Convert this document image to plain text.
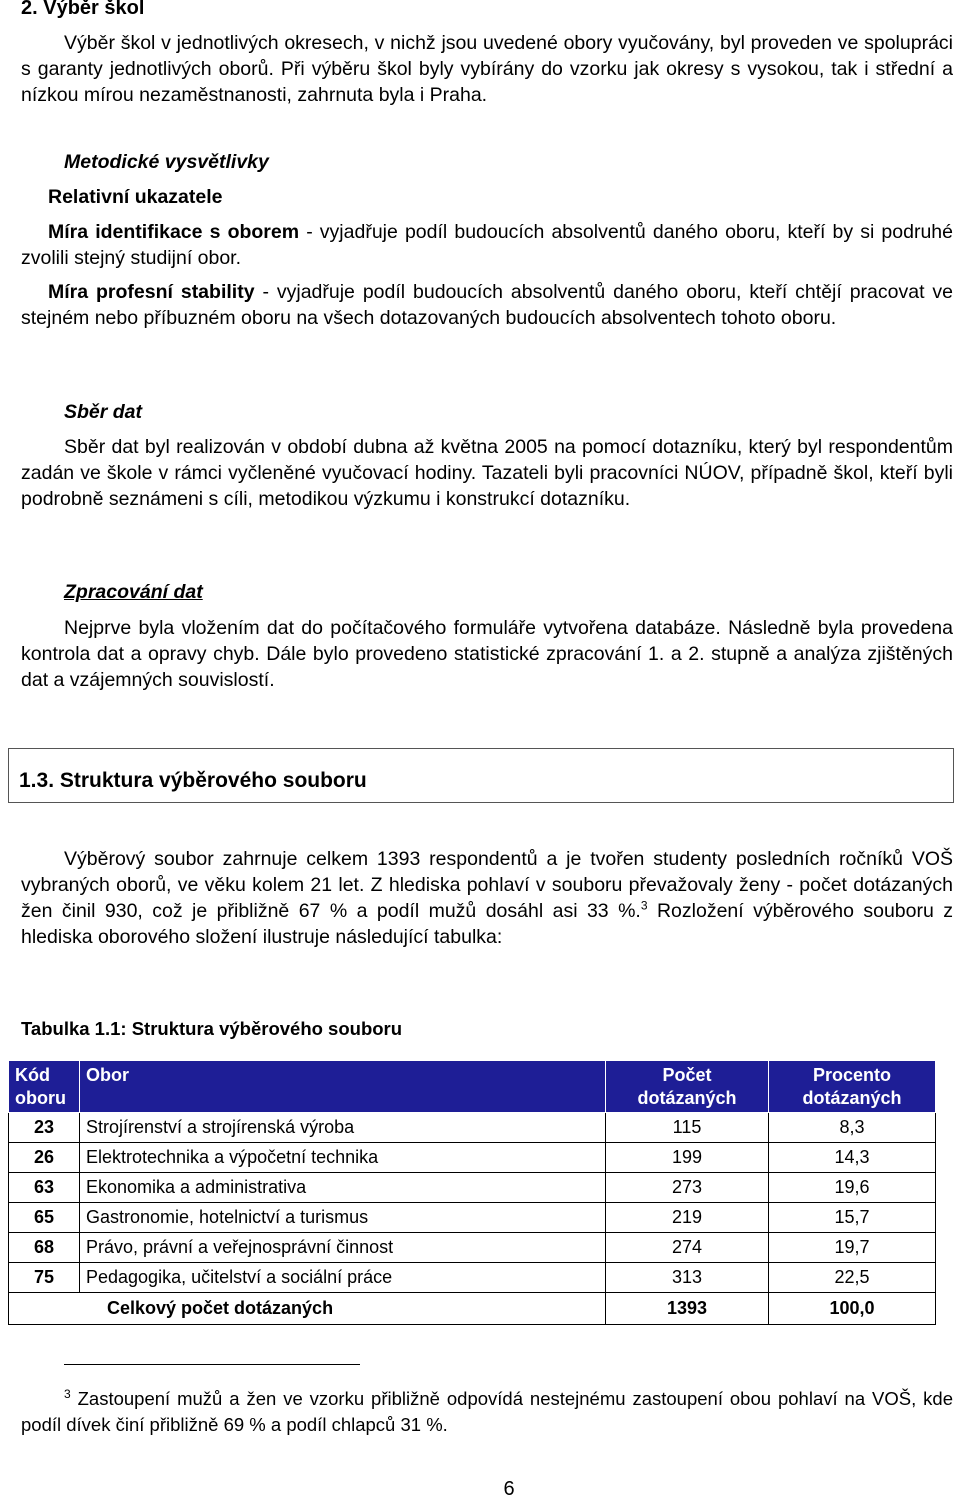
2. Výběr škol

Výběr škol v jednotlivých okresech, v nichž jsou uvedené obory vyučovány, byl proveden ve spolupráci s garanty jednotlivých oborů. Při výběru škol byly vybírány do vzorku jak okresy s vysokou, tak i střední a nízkou mírou nezaměstnanosti, zahrnuta byla i Praha.

Metodické vysvětlivky
Relativní ukazatele

Míra identifikace s oborem - vyjadřuje podíl budoucích absolventů daného oboru, kteří by si podruhé zvolili stejný studijní obor.

Míra profesní stability - vyjadřuje podíl budoucích absolventů daného oboru, kteří chtějí pracovat ve stejném nebo příbuzném oboru na všech dotazovaných budoucích absolventech tohoto oboru.

Sběr dat

Sběr dat byl realizován v období dubna až května 2005 na pomocí dotazníku, který byl respondentům zadán ve škole v rámci vyčleněné vyučovací hodiny. Tazateli byli pracovníci NÚOV, případně škol, kteří byli podrobně seznámeni s cíli, metodikou výzkumu i konstrukcí dotazníku.

Zpracování dat

Nejprve byla vložením dat do počítačového formuláře vytvořena databáze. Následně byla provedena kontrola dat a opravy chyb. Dále bylo provedeno statistické zpracování 1. a 2. stupně a analýza zjištěných dat a vzájemných souvislostí.

1.3. Struktura výběrového souboru

Výběrový soubor zahrnuje celkem 1393 respondentů a je tvořen studenty posledních ročníků VOŠ vybraných oborů, ve věku kolem 21 let. Z hlediska pohlaví v souboru převažovaly ženy - počet dotázaných žen činil 930, což je přibližně 67 % a podíl mužů dosáhl asi 33 %.$^3$ Rozložení výběrového souboru z hlediska oborového složení ilustruje následující tabulka:

Tabulka 1.1: Struktura výběrového souboru
Kód oboru	Obor	Počet dotázaných	Procento dotázaných
23	Strojírenství a strojírenská výroba	115	8,3
26	Elektrotechnika a výpočetní technika	199	14,3
63	Ekonomika a administrativa	273	19,6
65	Gastronomie, hotelnictví a turismus	219	15,7
68	Právo, právní a veřejnosprávní činnost	274	19,7
75	Pedagogika, učitelství a sociální práce	313	22,5
Celkový počet dotázaných		1393	100,0

$^3$ Zastoupení mužů a žen ve vzorku přibližně odpovídá nestejnému zastoupení obou pohlaví na VOŠ, kde podíl dívek činí přibližně 69 % a podíl chlapců 31 %.

6
